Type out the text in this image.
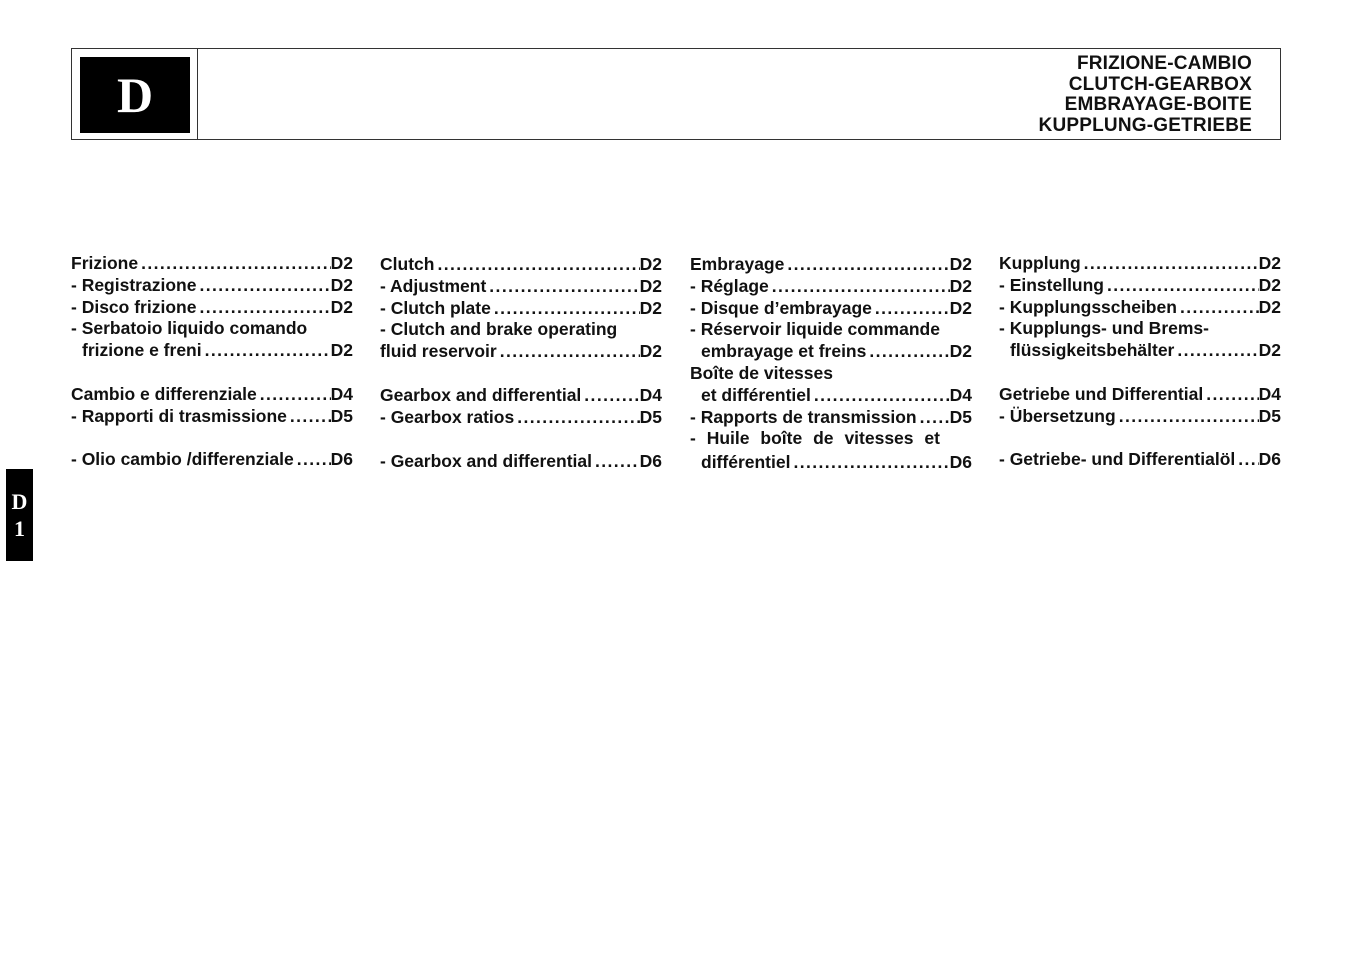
D
FRIZIONE-CAMBIO
CLUTCH-GEARBOX
EMBRAYAGE-BOITE
KUPPLUNG-GETRIEBE
D
1
Frizione .....	D2
- Registrazione .....	D2
- Disco frizione .....	D2
- Serbatoio liquido comando
frizione e freni .....	D2
Cambio e differenziale .....	D4
- Rapporti di trasmissione .....	D5
- Olio cambio /differenziale ..... D6
Clutch .....	D2
- Adjustment .....	D2
- Clutch plate .....	D2
- Clutch and brake operating
fluid reservoir .....	D2
Gearbox and differential .....	D4
- Gearbox ratios .....	D5
- Gearbox and differential .....	D6
Embrayage .....	D2
- Réglage .....	D2
- Disque d’embrayage .....	D2
- Réservoir liquide commande
embrayage et freins .....	D2
Boîte de vitesses
et différentiel .....	D4
- Rapports de transmission ..... D5
- Huile boîte de vitesses et
différentiel .....	D6
Kupplung .....	D2
- Einstellung .....	D2
- Kupplungsscheiben .....	D2
- Kupplungs- und Brems-
flüssigkeitsbehälter .....	D2
Getriebe und Differential .....	D4
- Übersetzung .....	D5
- Getriebe- und Differentialöl ..... D6
